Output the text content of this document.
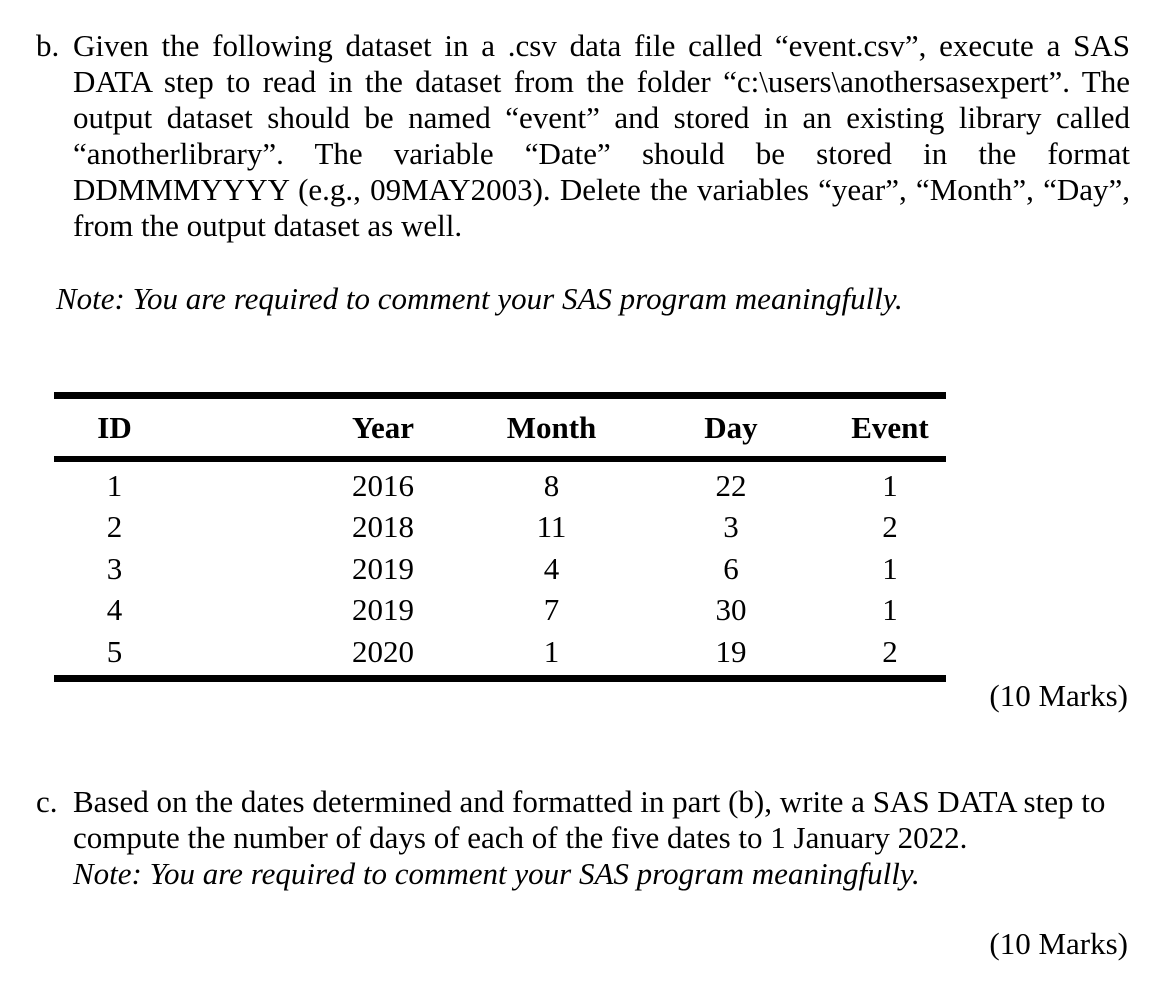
b. Given the following dataset in a .csv data file called “event.csv”, execute a SAS DATA step to read in the dataset from the folder “c:\users\anothersasexpert”. The output dataset should be named “event” and stored in an existing library called “anotherlibrary”. The variable “Date” should be stored in the format DDMMMYYYY (e.g., 09MAY2003). Delete the variables “year”, “Month”, “Day”, from the output dataset as well.
Note: You are required to comment your SAS program meaningfully.
ID	Year	Month	Day	Event
1	2016	8	22	1
2	2018	11	3	2
3	2019	4	6	1
4	2019	7	30	1
5	2020	1	19	2
(10 Marks)
c. Based on the dates determined and formatted in part (b), write a SAS DATA step to compute the number of days of each of the five dates to 1 January 2022.
Note: You are required to comment your SAS program meaningfully.
(10 Marks)
